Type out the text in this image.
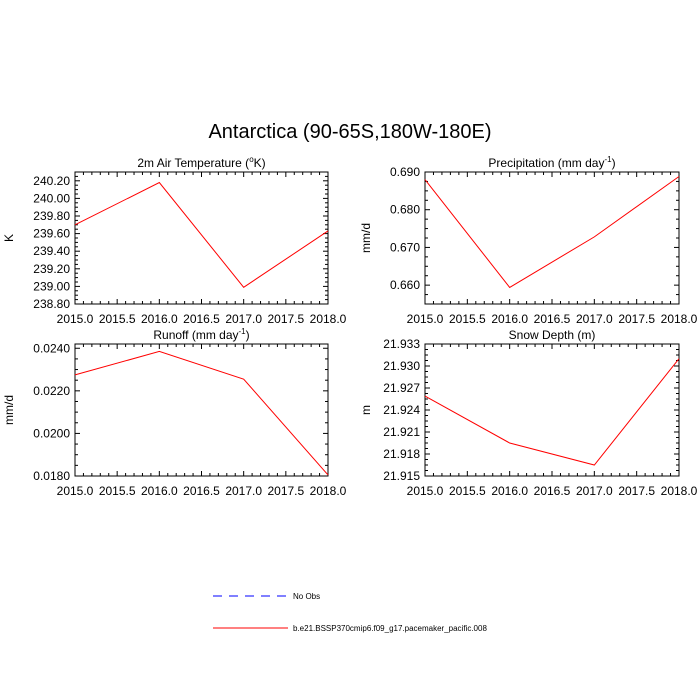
Antarctica (90-65S,180W-180E)
2015.0 2015.5 2016.0 2016.5 2017.0 2017.5 2018.0
238.80
239.00
239.20
239.40
239.60
239.80
240.00
240.20
K
2m Air Temperature ($^o$K)
2015.0 2015.5 2016.0 2016.5 2017.0 2017.5 2018.0
0.660
0.670
0.680
0.690
mm/d
Precipitation (mm day$^{-1}$)
2015.0 2015.5 2016.0 2016.5 2017.0 2017.5 2018.0
0.0180
0.0200
0.0220
0.0240
mm/d
Runoff (mm day$^{-1}$)
2015.0 2015.5 2016.0 2016.5 2017.0 2017.5 2018.0
21.915
21.918
21.921
21.924
21.927
21.930
21.933
m
Snow Depth (m)
No Obs
b.e21.BSSP370cmip6.f09_g17.pacemaker_pacific.008
